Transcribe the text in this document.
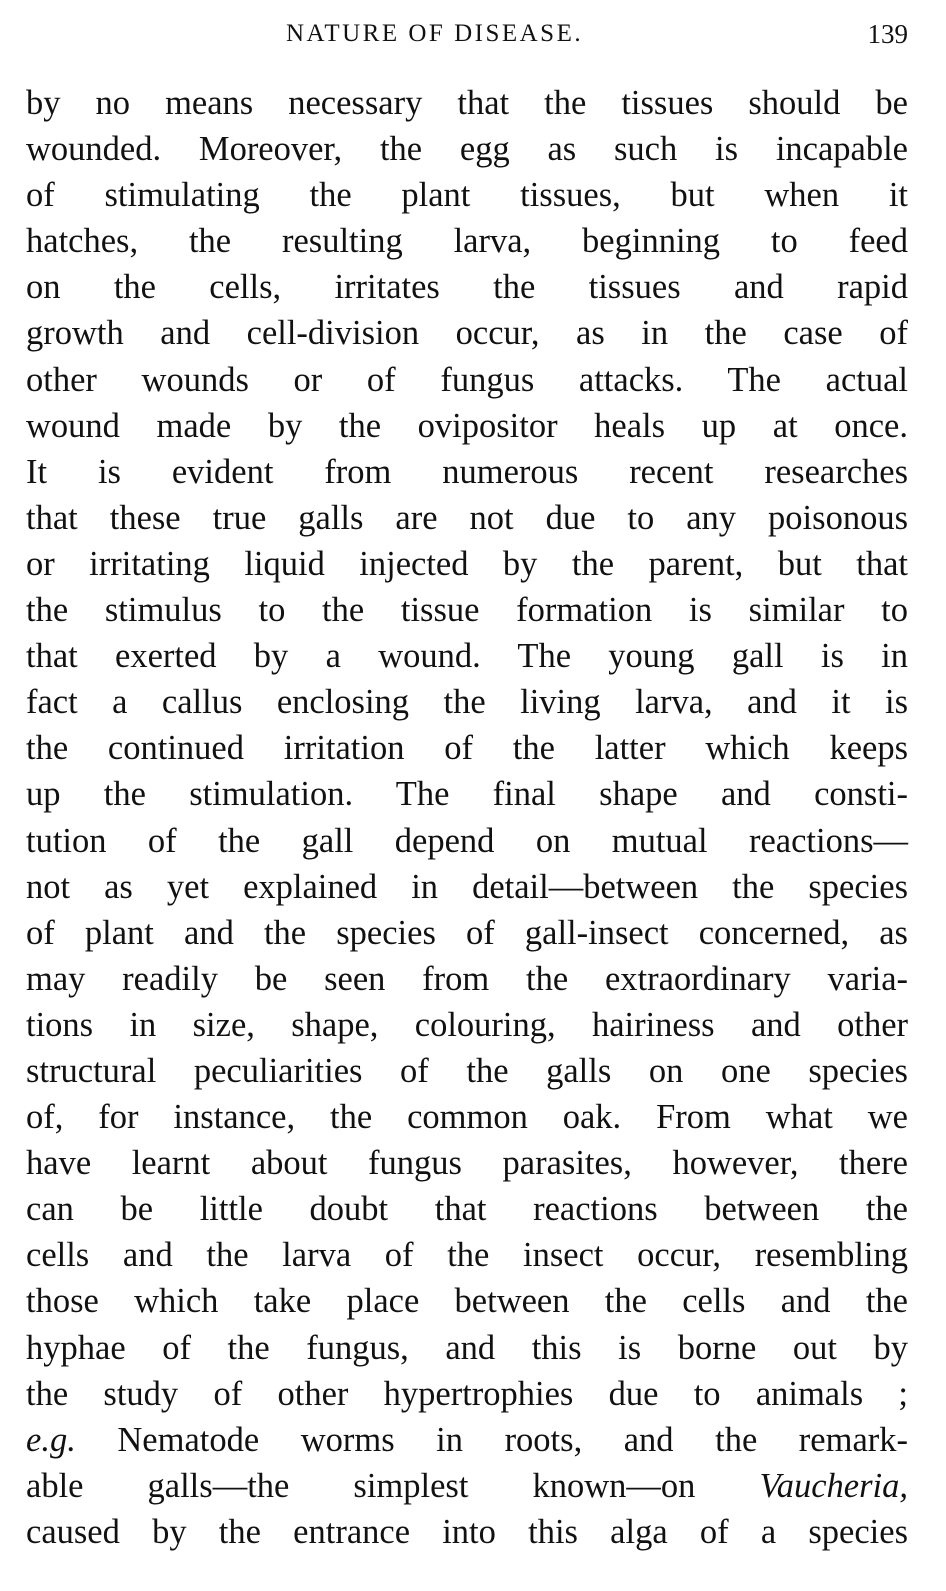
NATURE OF DISEASE.	139
by no means necessary that the tissues should be
wounded. Moreover, the egg as such is incapable
of stimulating the plant tissues, but when it
hatches, the resulting larva, beginning to feed
on the cells, irritates the tissues and rapid
growth and cell-division occur, as in the case of
other wounds or of fungus attacks. The actual
wound made by the ovipositor heals up at once.
It is evident from numerous recent researches
that these true galls are not due to any poisonous
or irritating liquid injected by the parent, but that
the stimulus to the tissue formation is similar to
that exerted by a wound. The young gall is in
fact a callus enclosing the living larva, and it is
the continued irritation of the latter which keeps
up the stimulation. The final shape and consti-
tution of the gall depend on mutual reactions—
not as yet explained in detail—between the species
of plant and the species of gall-insect concerned, as
may readily be seen from the extraordinary varia-
tions in size, shape, colouring, hairiness and other
structural peculiarities of the galls on one species
of, for instance, the common oak. From what we
have learnt about fungus parasites, however, there
can be little doubt that reactions between the
cells and the larva of the insect occur, resembling
those which take place between the cells and the
hyphae of the fungus, and this is borne out by
the study of other hypertrophies due to animals ;
e.g. Nematode worms in roots, and the remark-
able galls—the simplest known—on Vaucheria,
caused by the entrance into this alga of a species
